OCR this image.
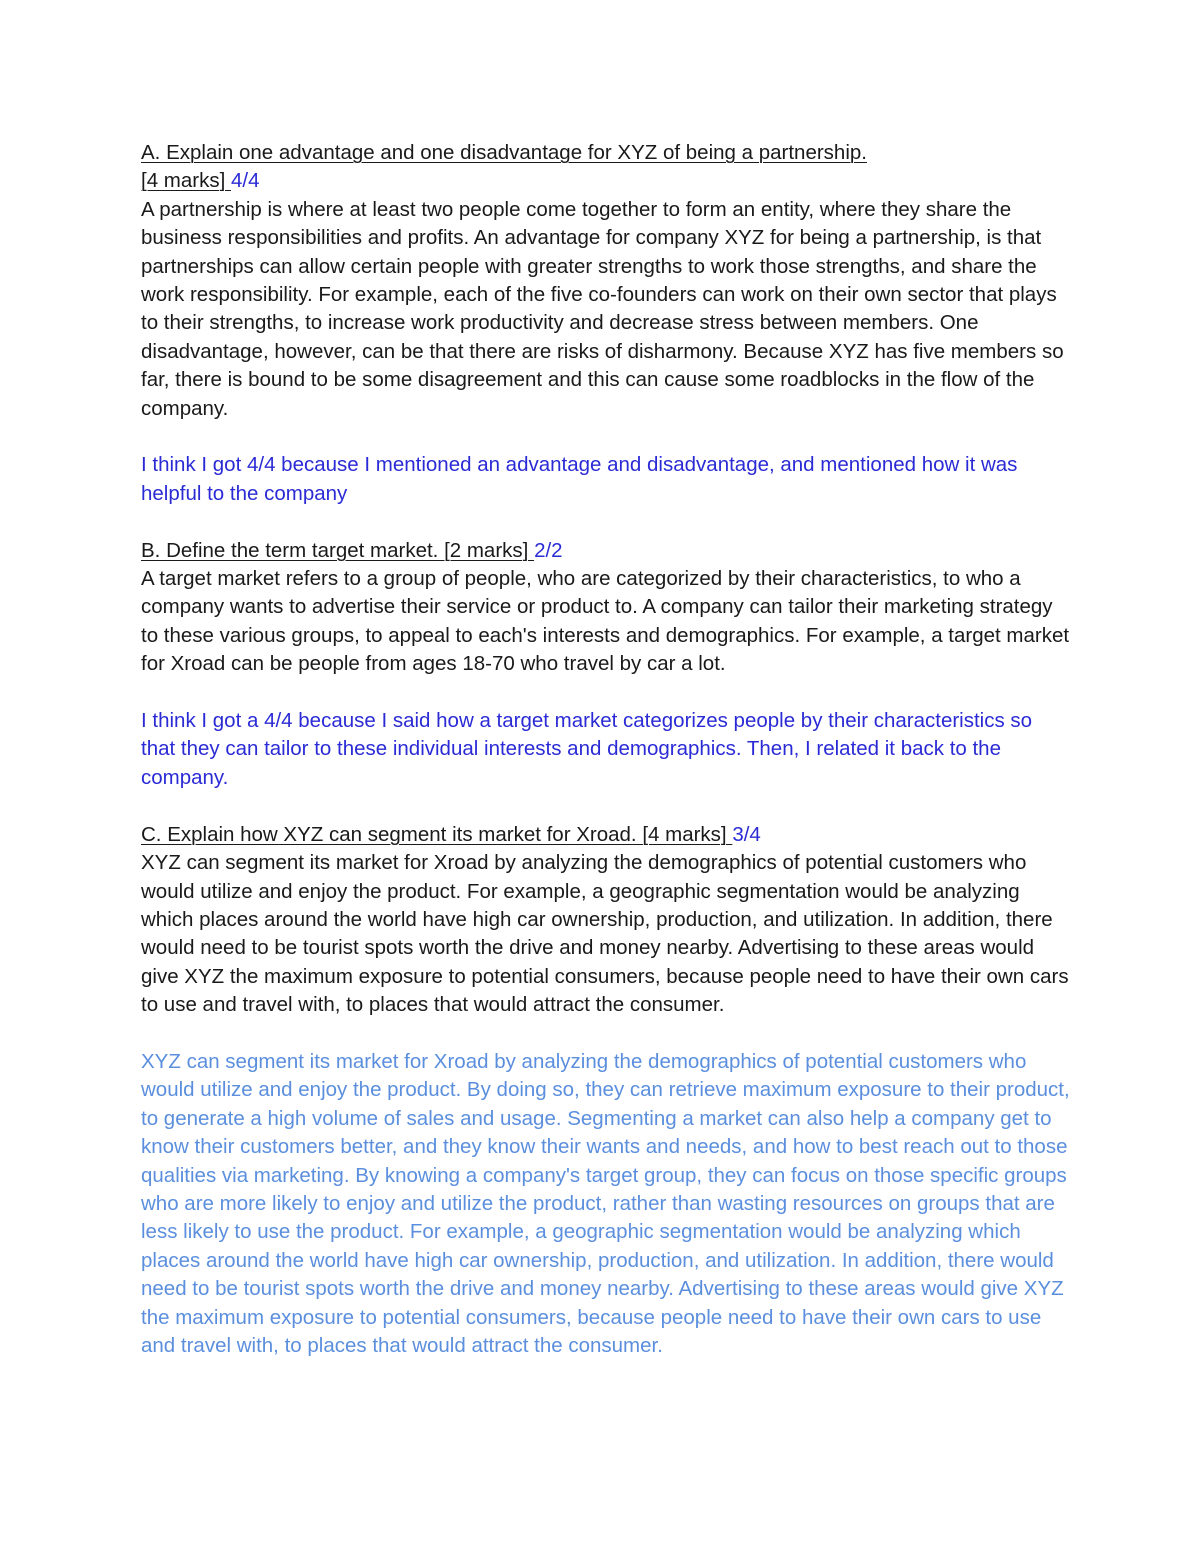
A. Explain one advantage and one disadvantage for XYZ of being a partnership.
[4 marks] 4/4

A partnership is where at least two people come together to form an entity, where they share the business responsibilities and profits. An advantage for company XYZ for being a partnership, is that partnerships can allow certain people with greater strengths to work those strengths, and share the work responsibility. For example, each of the five co-founders can work on their own sector that plays to their strengths, to increase work productivity and decrease stress between members. One disadvantage, however, can be that there are risks of disharmony. Because XYZ has five members so far, there is bound to be some disagreement and this can cause some roadblocks in the flow of the company.

I think I got 4/4 because I mentioned an advantage and disadvantage, and mentioned how it was helpful to the company

B. Define the term target market. [2 marks] 2/2

A target market refers to a group of people, who are categorized by their characteristics, to who a company wants to advertise their service or product to. A company can tailor their marketing strategy to these various groups, to appeal to each's interests and demographics. For example, a target market for Xroad can be people from ages 18-70 who travel by car a lot.

I think I got a 4/4 because I said how a target market categorizes people by their characteristics so that they can tailor to these individual interests and demographics. Then, I related it back to the company.

C. Explain how XYZ can segment its market for Xroad. [4 marks] 3/4

XYZ can segment its market for Xroad by analyzing the demographics of potential customers who would utilize and enjoy the product. For example, a geographic segmentation would be analyzing which places around the world have high car ownership, production, and utilization. In addition, there would need to be tourist spots worth the drive and money nearby. Advertising to these areas would give XYZ the maximum exposure to potential consumers, because people need to have their own cars to use and travel with, to places that would attract the consumer.

XYZ can segment its market for Xroad by analyzing the demographics of potential customers who would utilize and enjoy the product. By doing so, they can retrieve maximum exposure to their product, to generate a high volume of sales and usage. Segmenting a market can also help a company get to know their customers better, and they know their wants and needs, and how to best reach out to those qualities via marketing. By knowing a company's target group, they can focus on those specific groups who are more likely to enjoy and utilize the product, rather than wasting resources on groups that are less likely to use the product. For example, a geographic segmentation would be analyzing which places around the world have high car ownership, production, and utilization. In addition, there would need to be tourist spots worth the drive and money nearby. Advertising to these areas would give XYZ the maximum exposure to potential consumers, because people need to have their own cars to use and travel with, to places that would attract the consumer.
